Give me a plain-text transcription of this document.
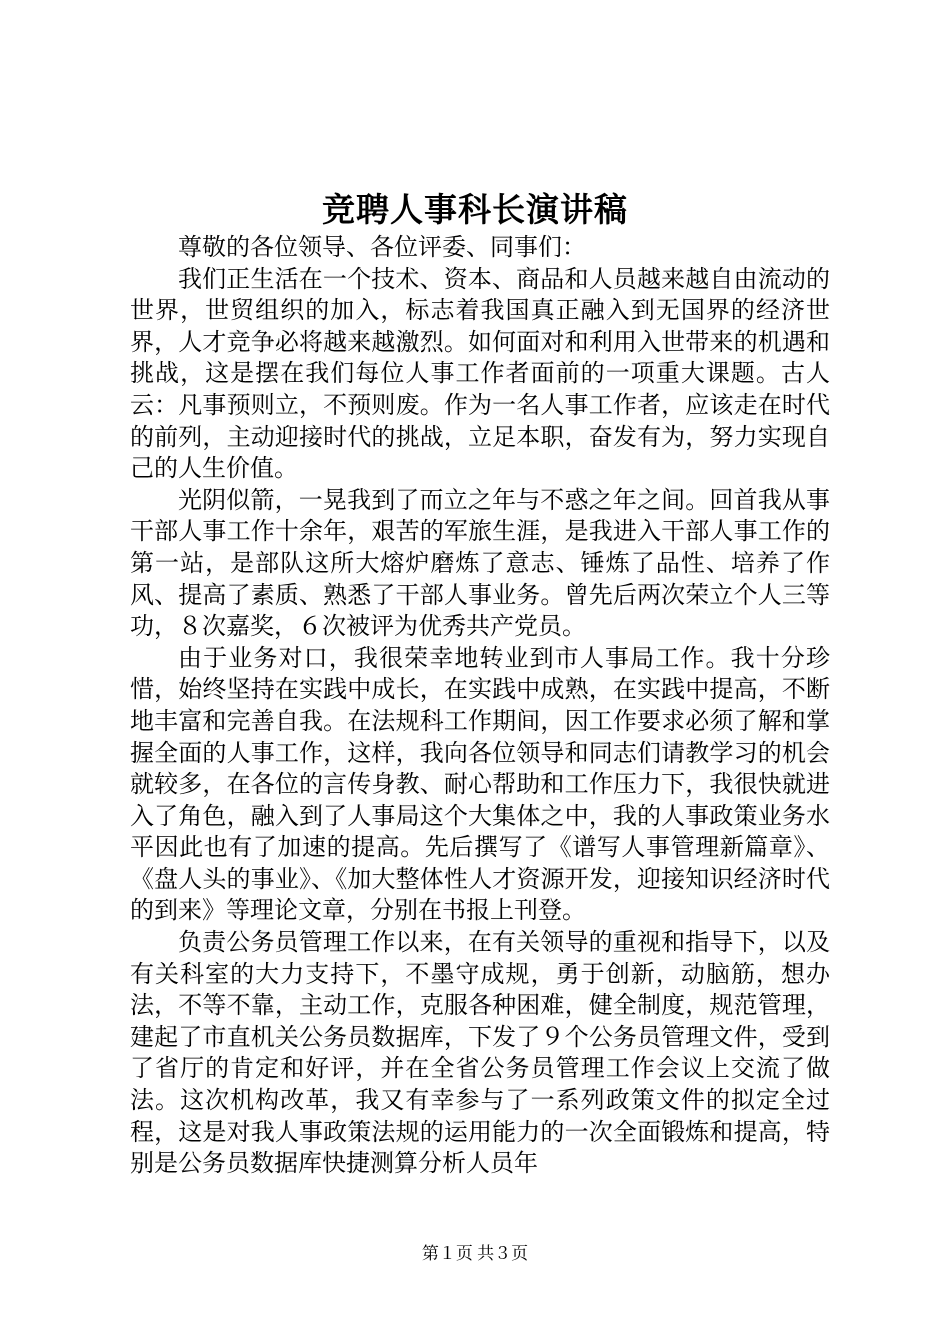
竞聘人事科长演讲稿

尊敬的各位领导、各位评委、同事们：

我们正生活在一个技术、资本、商品和人员越来越自由流动的世界，世贸组织的加入，标志着我国真正融入到无国界的经济世界，人才竞争必将越来越激烈。如何面对和利用入世带来的机遇和挑战，这是摆在我们每位人事工作者面前的一项重大课题。古人云：凡事预则立，不预则废。作为一名人事工作者，应该走在时代的前列，主动迎接时代的挑战，立足本职，奋发有为，努力实现自己的人生价值。

光阴似箭，一晃我到了而立之年与不惑之年之间。回首我从事干部人事工作十余年，艰苦的军旅生涯，是我进入干部人事工作的第一站，是部队这所大熔炉磨炼了意志、锤炼了品性、培养了作风、提高了素质、熟悉了干部人事业务。曾先后两次荣立个人三等功，８次嘉奖，６次被评为优秀共产党员。

由于业务对口，我很荣幸地转业到市人事局工作。我十分珍惜，始终坚持在实践中成长，在实践中成熟，在实践中提高，不断地丰富和完善自我。在法规科工作期间，因工作要求必须了解和掌握全面的人事工作，这样，我向各位领导和同志们请教学习的机会就较多，在各位的言传身教、耐心帮助和工作压力下，我很快就进入了角色，融入到了人事局这个大集体之中，我的人事政策业务水平因此也有了加速的提高。先后撰写了《谱写人事管理新篇章》、《盘人头的事业》、《加大整体性人才资源开发，迎接知识经济时代的到来》等理论文章，分别在书报上刊登。

负责公务员管理工作以来，在有关领导的重视和指导下，以及有关科室的大力支持下，不墨守成规，勇于创新，动脑筋，想办法，不等不靠，主动工作，克服各种困难，健全制度，规范管理，建起了市直机关公务员数据库，下发了９个公务员管理文件，受到了省厅的肯定和好评，并在全省公务员管理工作会议上交流了做法。这次机构改革，我又有幸参与了一系列政策文件的拟定全过程，这是对我人事政策法规的运用能力的一次全面锻炼和提高，特别是公务员数据库快捷测算分析人员年

第１页 共３页
